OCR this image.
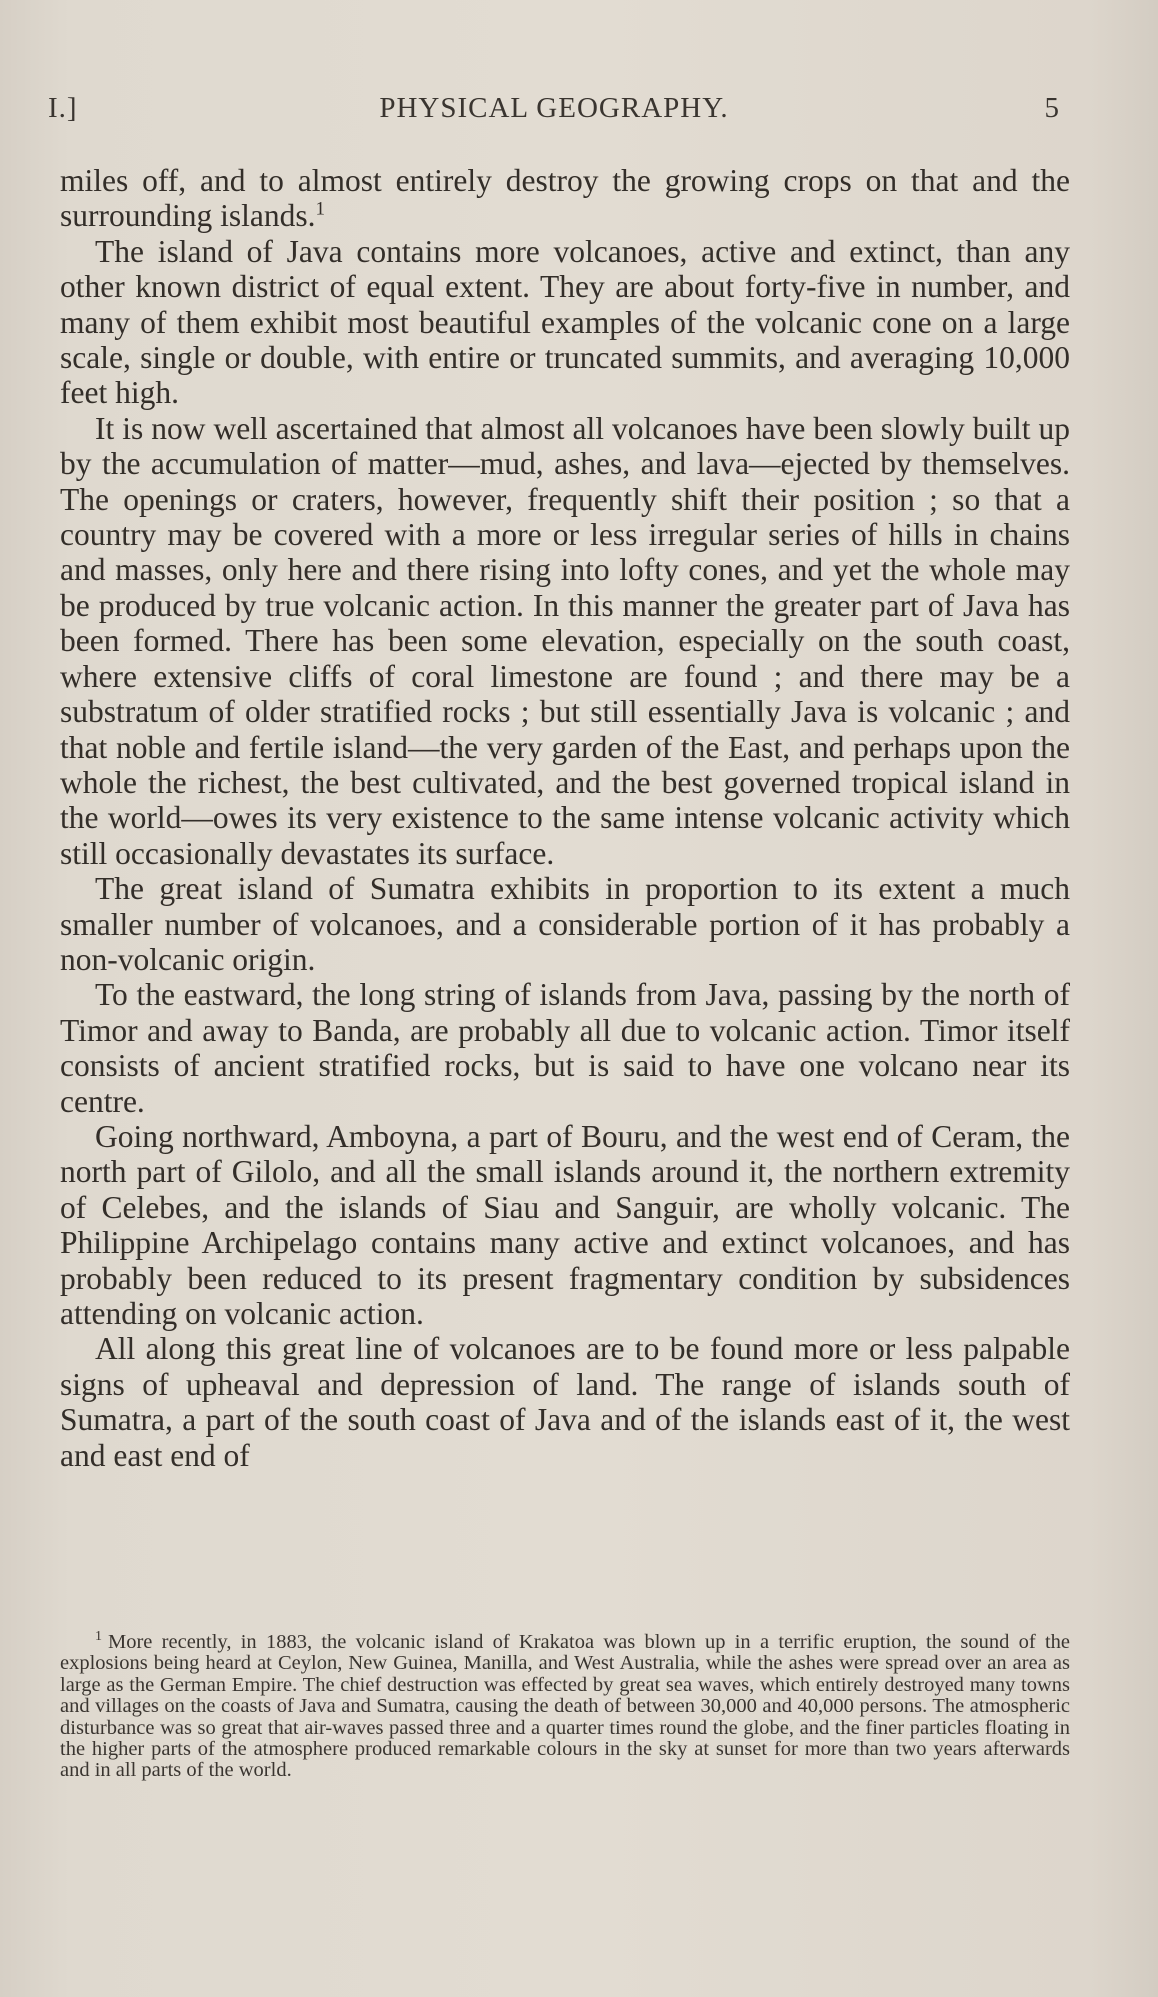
I.]	PHYSICAL GEOGRAPHY.	5

miles off, and to almost entirely destroy the growing crops on that and the surrounding islands.$^1$

The island of Java contains more volcanoes, active and extinct, than any other known district of equal extent. They are about forty-five in number, and many of them exhibit most beautiful examples of the volcanic cone on a large scale, single or double, with entire or truncated summits, and averaging 10,000 feet high.

It is now well ascertained that almost all volcanoes have been slowly built up by the accumulation of matter—mud, ashes, and lava—ejected by themselves. The openings or craters, however, frequently shift their position ; so that a country may be covered with a more or less irregular series of hills in chains and masses, only here and there rising into lofty cones, and yet the whole may be produced by true volcanic action. In this manner the greater part of Java has been formed. There has been some elevation, especially on the south coast, where extensive cliffs of coral limestone are found ; and there may be a substratum of older stratified rocks ; but still essentially Java is volcanic ; and that noble and fertile island—the very garden of the East, and perhaps upon the whole the richest, the best cultivated, and the best governed tropical island in the world—owes its very existence to the same intense volcanic activity which still occasionally devastates its surface.

The great island of Sumatra exhibits in proportion to its extent a much smaller number of volcanoes, and a considerable portion of it has probably a non-volcanic origin.

To the eastward, the long string of islands from Java, passing by the north of Timor and away to Banda, are probably all due to volcanic action. Timor itself consists of ancient stratified rocks, but is said to have one volcano near its centre.

Going northward, Amboyna, a part of Bouru, and the west end of Ceram, the north part of Gilolo, and all the small islands around it, the northern extremity of Celebes, and the islands of Siau and Sanguir, are wholly volcanic. The Philippine Archipelago contains many active and extinct volcanoes, and has probably been reduced to its present fragmentary condition by subsidences attending on volcanic action.

All along this great line of volcanoes are to be found more or less palpable signs of upheaval and depression of land. The range of islands south of Sumatra, a part of the south coast of Java and of the islands east of it, the west and east end of

$^1$ More recently, in 1883, the volcanic island of Krakatoa was blown up in a terrific eruption, the sound of the explosions being heard at Ceylon, New Guinea, Manilla, and West Australia, while the ashes were spread over an area as large as the German Empire. The chief destruction was effected by great sea waves, which entirely destroyed many towns and villages on the coasts of Java and Sumatra, causing the death of between 30,000 and 40,000 persons. The atmospheric disturbance was so great that air-waves passed three and a quarter times round the globe, and the finer particles floating in the higher parts of the atmosphere produced remarkable colours in the sky at sunset for more than two years afterwards and in all parts of the world.
